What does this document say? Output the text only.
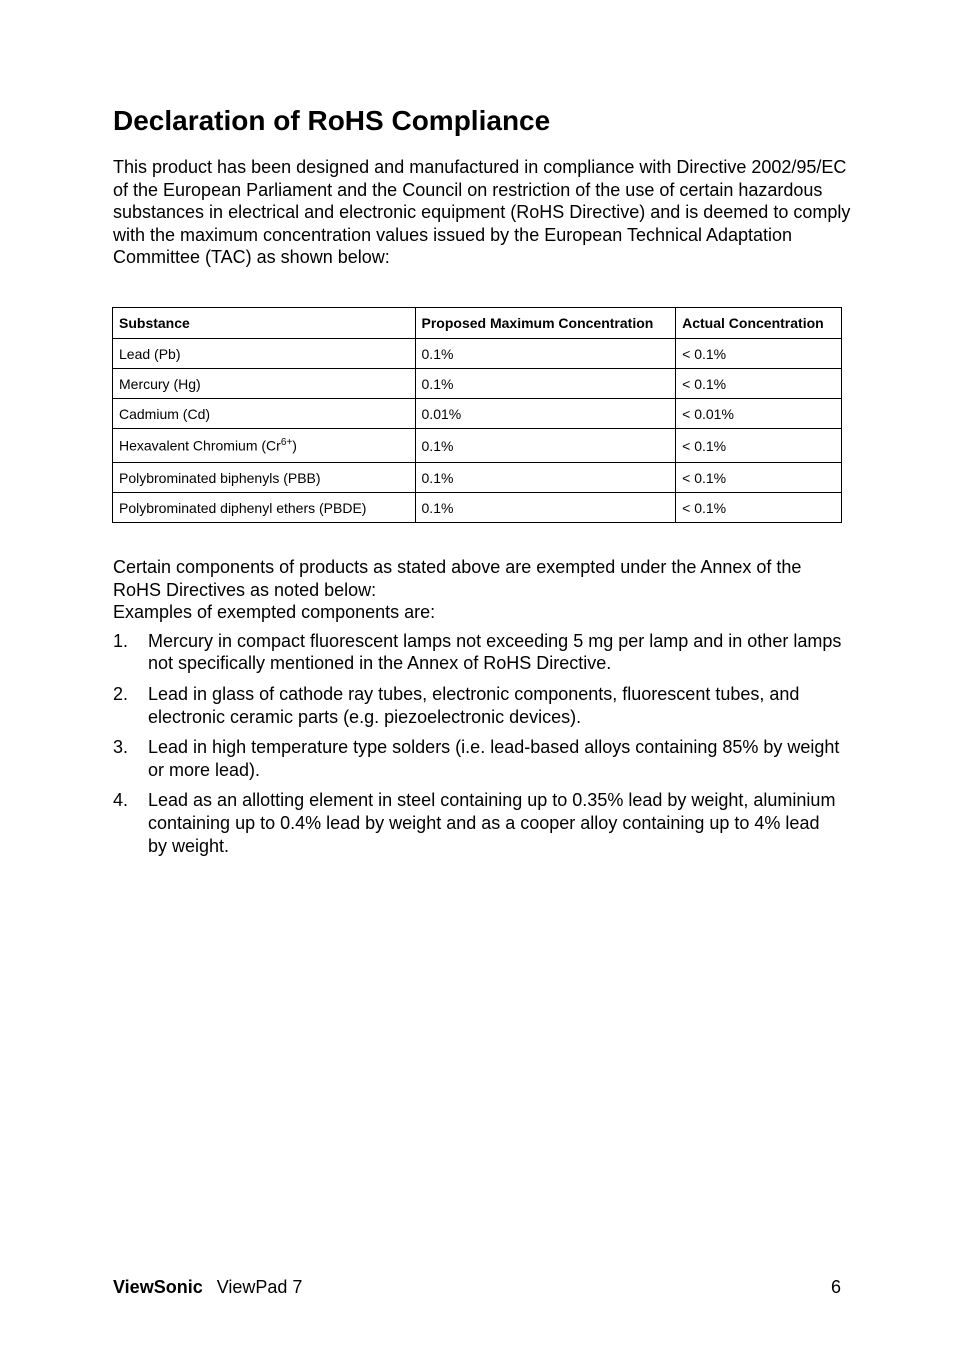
Declaration of RoHS Compliance

This product has been designed and manufactured in compliance with Directive 2002/95/EC of the European Parliament and the Council on restriction of the use of certain hazardous substances in electrical and electronic equipment (RoHS Directive) and is deemed to comply with the maximum concentration values issued by the European Technical Adaptation Committee (TAC) as shown below:

Substance	Proposed Maximum Concentration	Actual Concentration
Lead (Pb)	0.1%	< 0.1%
Mercury (Hg)	0.1%	< 0.1%
Cadmium (Cd)	0.01%	< 0.01%
Hexavalent Chromium $(Cr^{6+})$	0.1%	< 0.1%
Polybrominated biphenyls (PBB)	0.1%	< 0.1%
Polybrominated diphenyl ethers (PBDE)	0.1%	< 0.1%

Certain components of products as stated above are exempted under the Annex of the RoHS Directives as noted below:

Examples of exempted components are:

1. Mercury in compact fluorescent lamps not exceeding 5 mg per lamp and in other lamps not specifically mentioned in the Annex of RoHS Directive.
2. Lead in glass of cathode ray tubes, electronic components, fluorescent tubes, and electronic ceramic parts (e.g. piezoelectronic devices).
3. Lead in high temperature type solders (i.e. lead-based alloys containing 85% by weight or more lead).
4. Lead as an allotting element in steel containing up to 0.35% lead by weight, aluminium containing up to 0.4% lead by weight and as a cooper alloy containing up to 4% lead by weight.
ViewSonic ViewPad 7	6
